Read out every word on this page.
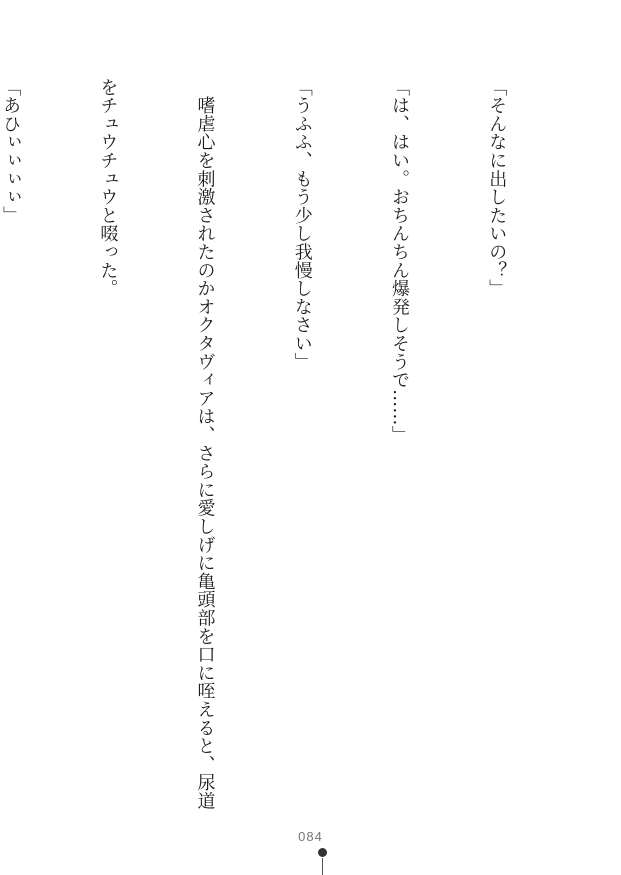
「そんなに出したいの？」

「は、はい。おちんちん爆発しそうで……」

「うふふ、もう少し我慢しなさい」

　嗜虐心を刺激されたのかオクタヴィアは、さらに愛しげに亀頭部を口に咥えると、尿道

をチュウチュウと啜った。

「あひぃぃぃぃ」

084
